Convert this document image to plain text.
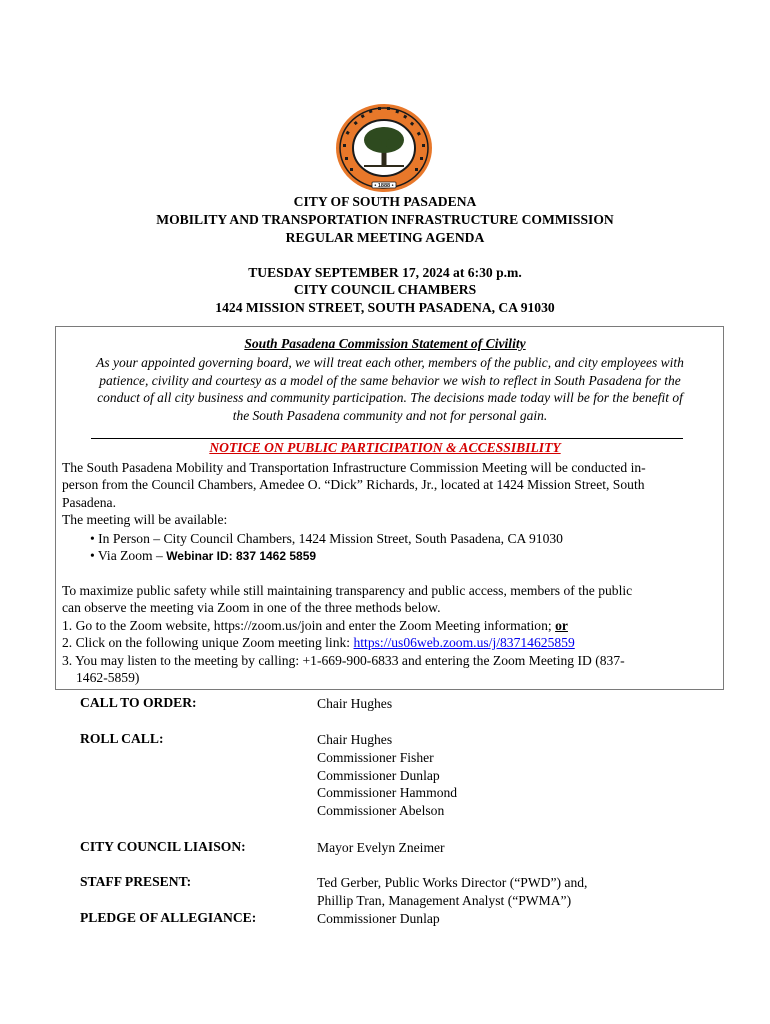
• 1888 •
CITY OF SOUTH PASADENA
MOBILITY AND TRANSPORTATION INFRASTRUCTURE COMMISSION
REGULAR MEETING AGENDA
TUESDAY SEPTEMBER 17, 2024 at 6:30 p.m.
CITY COUNCIL CHAMBERS
1424 MISSION STREET, SOUTH PASADENA, CA 91030
South Pasadena Commission Statement of Civility
As your appointed governing board, we will treat each other, members of the public, and city employees with
patience, civility and courtesy as a model of the same behavior we wish to reflect in South Pasadena for the
conduct of all city business and community participation. The decisions made today will be for the benefit of
the South Pasadena community and not for personal gain.
NOTICE ON PUBLIC PARTICIPATION & ACCESSIBILITY
The South Pasadena Mobility and Transportation Infrastructure Commission Meeting will be conducted in-
person from the Council Chambers, Amedee O. “Dick” Richards, Jr., located at 1424 Mission Street, South
Pasadena.
The meeting will be available:
• In Person – City Council Chambers, 1424 Mission Street, South Pasadena, CA 91030
• Via Zoom – Webinar ID: 837 1462 5859
To maximize public safety while still maintaining transparency and public access, members of the public
can observe the meeting via Zoom in one of the three methods below.
1. Go to the Zoom website, https://zoom.us/join and enter the Zoom Meeting information; or
2. Click on the following unique Zoom meeting link: https://us06web.zoom.us/j/83714625859
3. You may listen to the meeting by calling: +1-669-900-6833 and entering the Zoom Meeting ID (837-
1462-5859)
CALL TO ORDER:	Chair Hughes
ROLL CALL:	Chair Hughes
Commissioner Fisher
Commissioner Dunlap
Commissioner Hammond
Commissioner Abelson
CITY COUNCIL LIAISON:	Mayor Evelyn Zneimer
STAFF PRESENT:	Ted Gerber, Public Works Director (“PWD”) and,
Phillip Tran, Management Analyst (“PWMA”)
PLEDGE OF ALLEGIANCE:	Commissioner Dunlap
